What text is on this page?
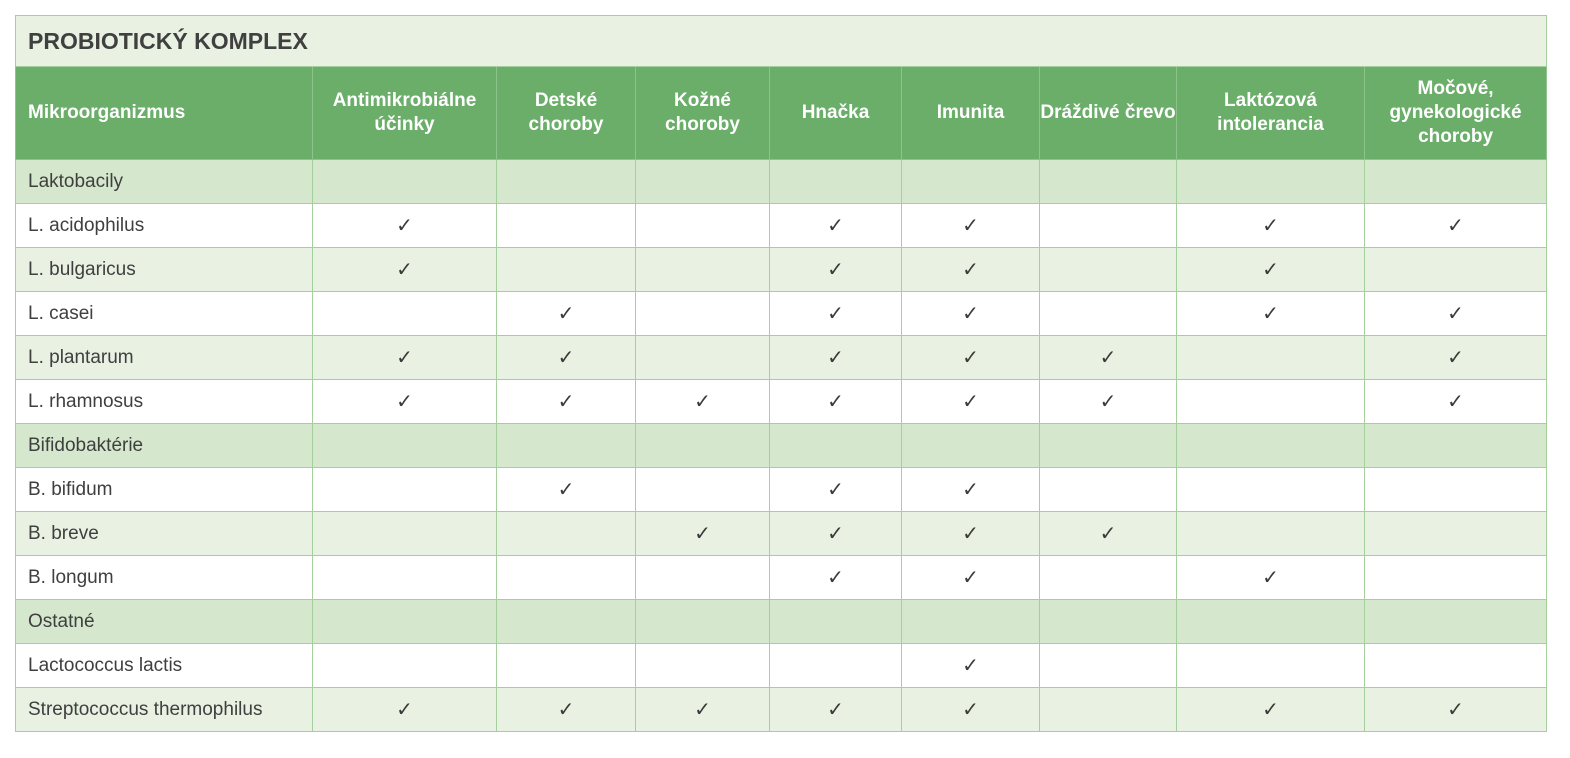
PROBIOTICKÝ KOMPLEX								
Mikroorganizmus	Antimikrobiálne účinky	Detské choroby	Kožné choroby	Hnačka	Imunita	Dráždivé črevo	Laktózová intolerancia	Močové, gynekologické choroby
Laktobacily								
L. acidophilus	✓			✓	✓		✓	✓
L. bulgaricus	✓			✓	✓		✓	
L. casei		✓		✓	✓		✓	✓
L. plantarum	✓	✓		✓	✓	✓		✓
L. rhamnosus	✓	✓	✓	✓	✓	✓		✓
Bifidobaktérie								
B. bifidum		✓		✓	✓			
B. breve			✓	✓	✓	✓		
B. longum				✓	✓		✓	
Ostatné								
Lactococcus lactis					✓			
Streptococcus thermophilus	✓	✓	✓	✓	✓		✓	✓
